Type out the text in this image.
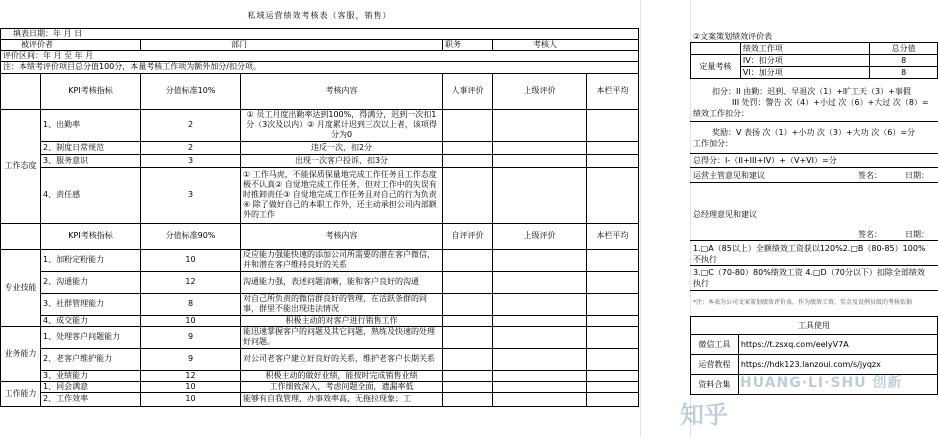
私域运营绩效考核表（客服，销售）						
填表日期：年 月 日						
被评价者		部门		职务	考核人	
评价区间：年 月 至 年 月						
注：本绩考评价项目总分值100分，本量考核工作项为额外加分/扣分项。						
	KPI考核指标	分值标准10%	考核内容	人事评价	上级评价	本栏平均
工作态度	1、出勤率	2	① 员工月度出勤率达到100%，得满分，迟到一次扣1分（3次及以内）② 月度累计迟到三次以上者，该项得分为0			
	2、制度日常规范	2	违反一次，扣2分			
	3、服务意识	3	出现一次客户投诉，扣3分			
	4、责任感	3	① 工作马虎，不能保质保量地完成工作任务且工作态度极不认真② 自觉地完成工作任务，但对工作中的失误有时推卸责任③ 自觉地完成工作任务且对自己的行为负责④ 除了做好自己的本职工作外，还主动承担公司内部额外的工作			
	KPI考核指标	分值标准90%	考核内容	自评评价	上级评价	本栏平均
专业技能	1、加粉定粉能力	10	反应能力强能快速的添加公司所需要的潜在客户微信，并和潜在客户维持良好的关系			
	2、沟通能力	12	沟通能力强，表述问题清晰，能和客户良好的沟通			
	3、社群管理能力	8	对自己所负责的微信群良好的管理，在活跃条群的同事，群里不能出现违法情况			
	4、成交能力	10	积极主动的对客户进行销售工作			
业务能力	1、处理客户问题能力	9	能迅速掌握客户的问题及其它问题，熟练及快速的处理好问题。			
	2、老客户维护能力	9	对公司老客户建立好良好的关系，维护老客户长期关系			
	3、业绩能力	12	积极主动的做好业绩，能按时完成销售业绩			
工作能力	1、同会满意	10	工作细致深入，考虑问题全面，遗漏率低			
	2、工作效率	10	能够有自我管理，办事效率高，无拖拉现象；工			
②文案策划绩效评价表
	绩效工作项	总分值
定量考核	IV：扣分项	8
	VI：加分项	8
扣分：II 由勤：迟到、早退次（1）+旷工天（3）+事假
III 处罚：警告 次（4）+小过 次（6）+大过 次（8）=
绩效工作扣分：
奖励：V 表扬 次（1）+小功 次（3）+大功 次（6）=分
工作加分：
总得分：I-（II+III+IV）+（V+VI）=分
运营主管意见和建议	签名：	日期：
总经理意见和建议
签名：	日期：
1.□A（85以上）全额绩效工资获以120%2.□B（80-85）100%
不执行
3.□C（70-80）80%绩效工资 4.□D（70分以下）扣除全部绩效
执行
*注：本表为公司文案策划绩效评价表，作为绩效工资、奖金及设例员级的考核依据
工具使用	
微信工具	https://t.zsxq.com/eeIyV7A
运营教程	https://hdk123.lanzoui.com/s/jyqzx
资料合集	
知乎
HUANG·LI·SHU 创新
